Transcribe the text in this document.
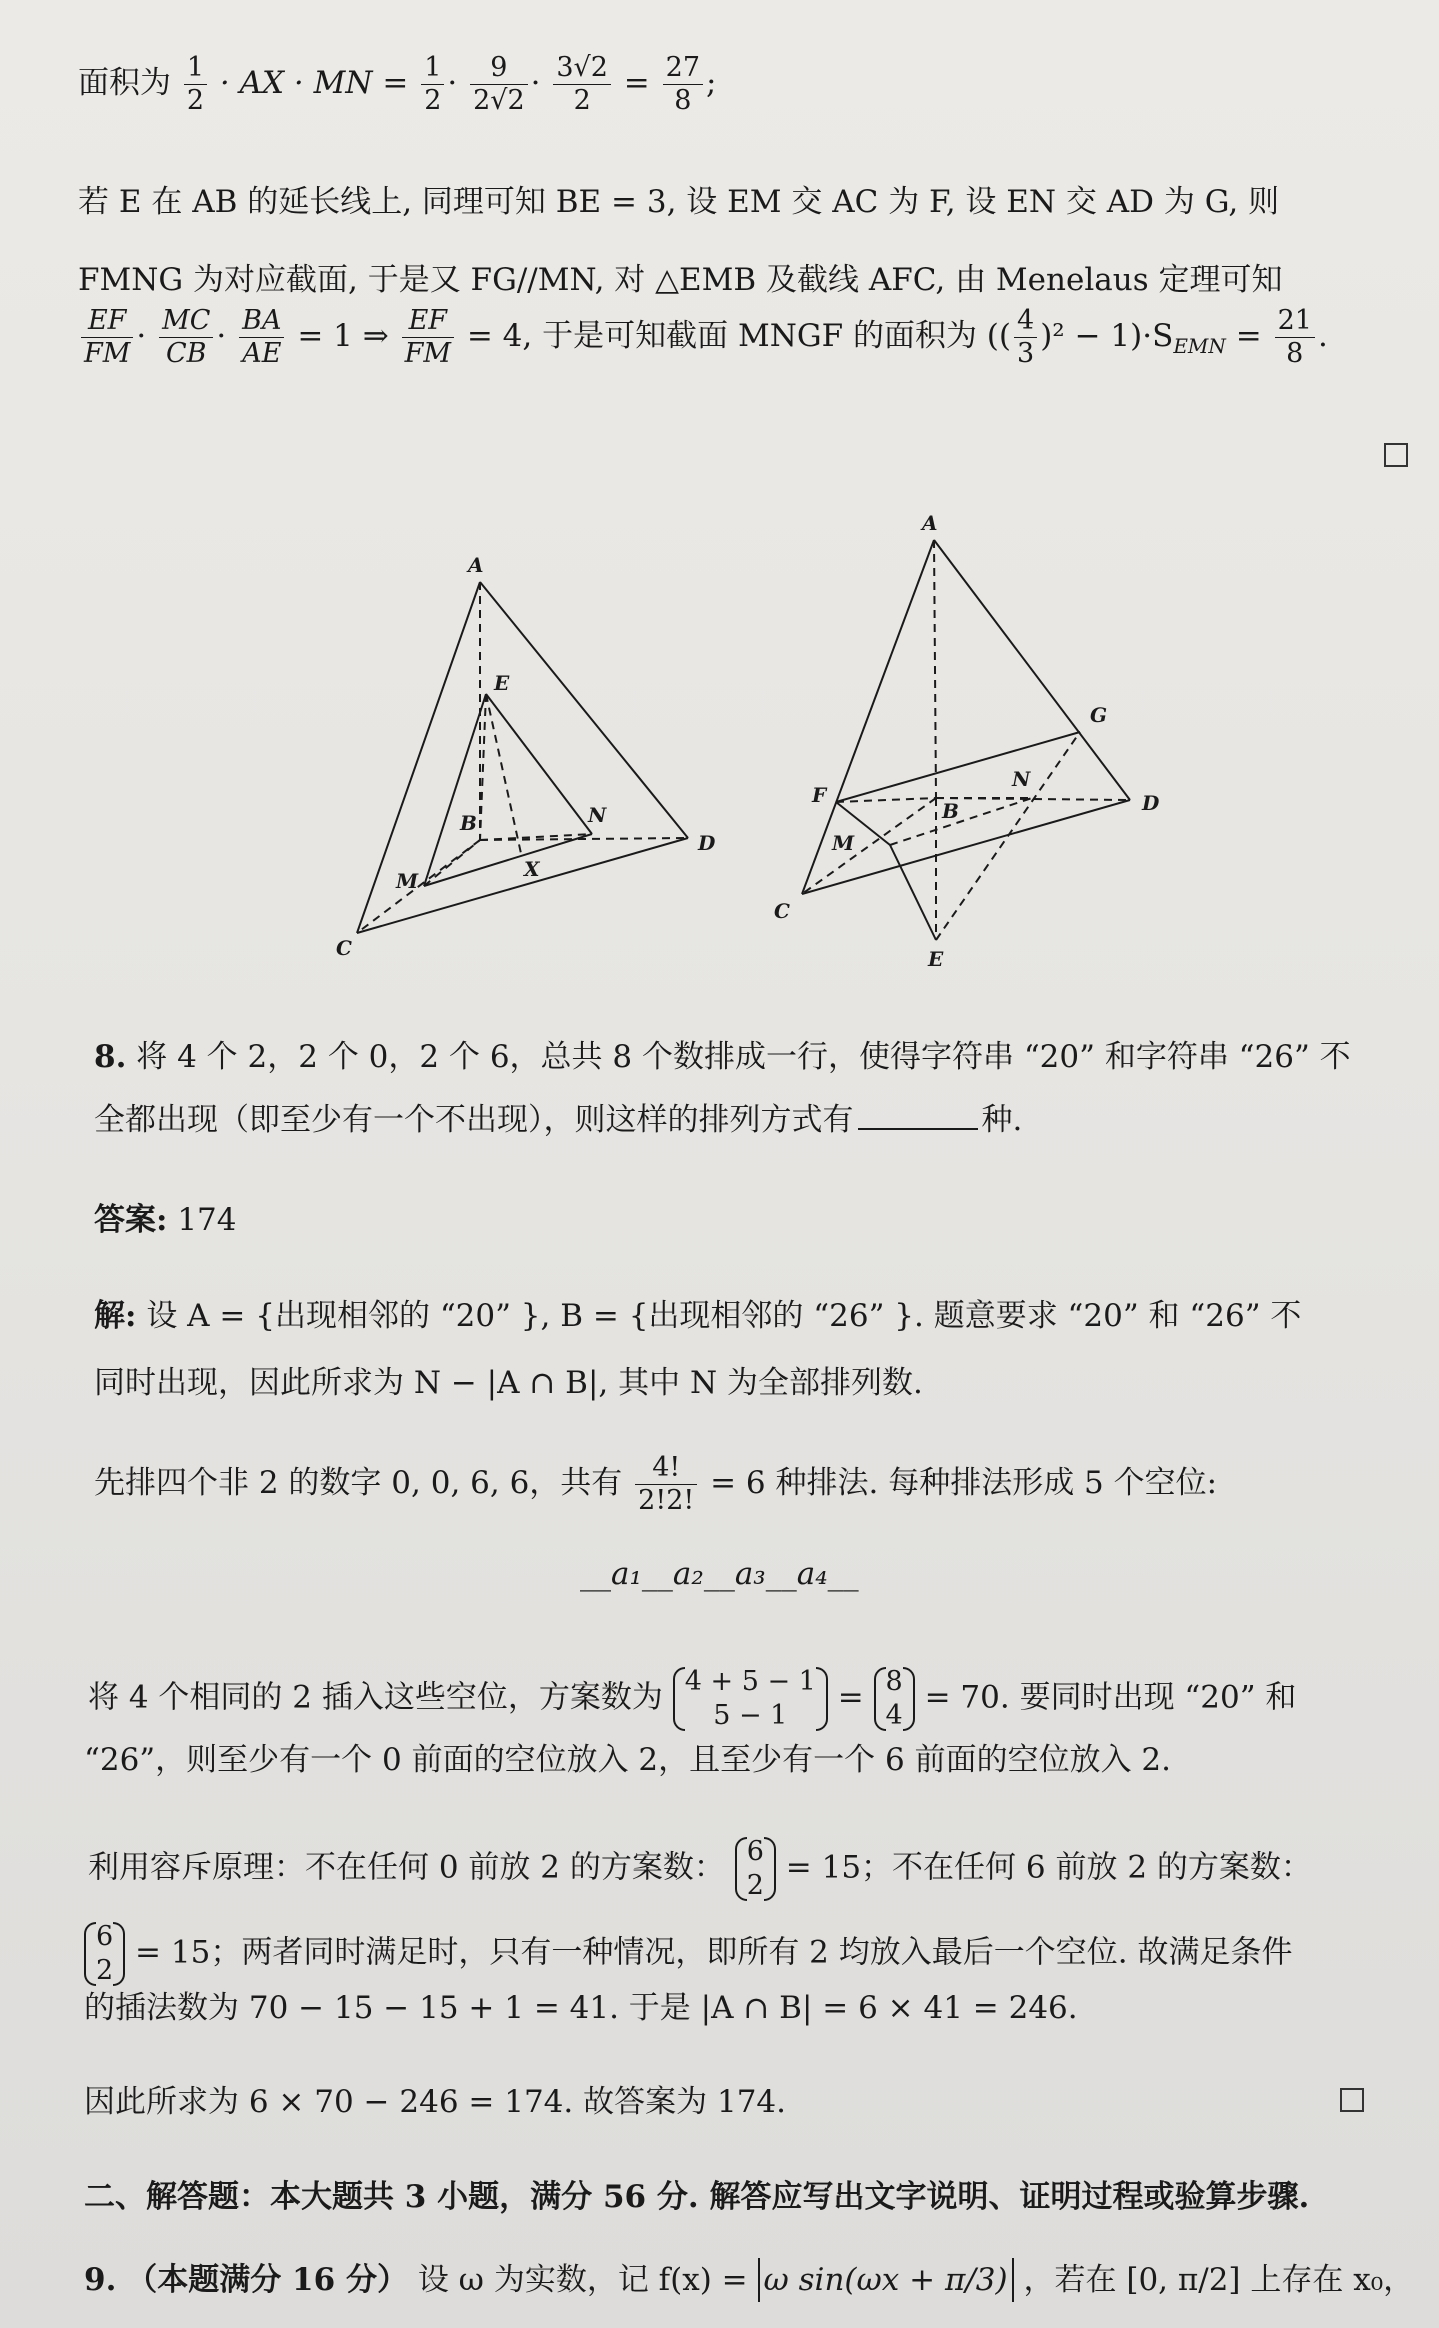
面积为 $\frac{1}{2}$ · AX · MN = $\frac{1}{2} \cdot \frac{9}{2√2} \cdot \frac{3√2}{2} = \frac{27}{8}$ ;
若 E 在 AB 的延长线上, 同理可知 BE = 3, 设 EM 交 AC 为 F, 设 EN 交 AD 为 G, 则
FMNG 为对应截面, 于是又 FG//MN, 对 △EMB 及截线 AFC, 由 Menelaus 定理可知
$\frac{EF}{FM} \cdot \frac{MC}{CB} \cdot \frac{BA}{AE} = 1$ ⇒ $\frac{EF}{FM} = 4$, 于是可知截面 MNGF 的面积为 (( $\frac{4}{3} )^2 - 1)\cdot S_{EMN} = \frac{21}{8}$ .
A
E
B	N
D
M	X
C
A
G
F
N
B	D
M
C
E
8. 将 4 个 2，2 个 0，2 个 6，总共 8 个数排成一行，使得字符串 “20” 和字符串 “26” 不
全都出现（即至少有一个不出现），则这样的排列方式有	种.
答案: 174
解: 设 A = {出现相邻的 “20” }, B = {出现相邻的 “26” }. 题意要求 “20” 和 “26” 不
同时出现，因此所求为 N − |A ∩ B|, 其中 N 为全部排列数.
先排四个非 2 的数字 0, 0, 6, 6，共有 $\frac{4!}{2!2!} = 6$ 种排法. 每种排法形成 5 个空位:
__a₁__a₂__a₃__a₄__
将 4 个相同的 2 插入这些空位，方案数为 4 + 5 − 1
5 − 1	= 8
4 = 70. 要同时出现 “20” 和
“26”，则至少有一个 0 前面的空位放入 2，且至少有一个 6 前面的空位放入 2.
利用容斥原理：不在任何 0 前放 2 的方案数： 6
2 = 15；不在任何 6 前放 2 的方案数：
6
2 = 15；两者同时满足时，只有一种情况，即所有 2 均放入最后一个空位. 故满足条件
的插法数为 70 − 15 − 15 + 1 = 41. 于是 |A ∩ B| = 6 × 41 = 246.
因此所求为 6 × 70 − 246 = 174. 故答案为 174.
二、解答题：本大题共 3 小题，满分 56 分. 解答应写出文字说明、证明过程或验算步骤.
9. （本题满分 16 分） 设 ω 为实数，记 f(x) = ω sin(ωx + π/3) ，若在 [0, π/2] 上存在 x₀，
